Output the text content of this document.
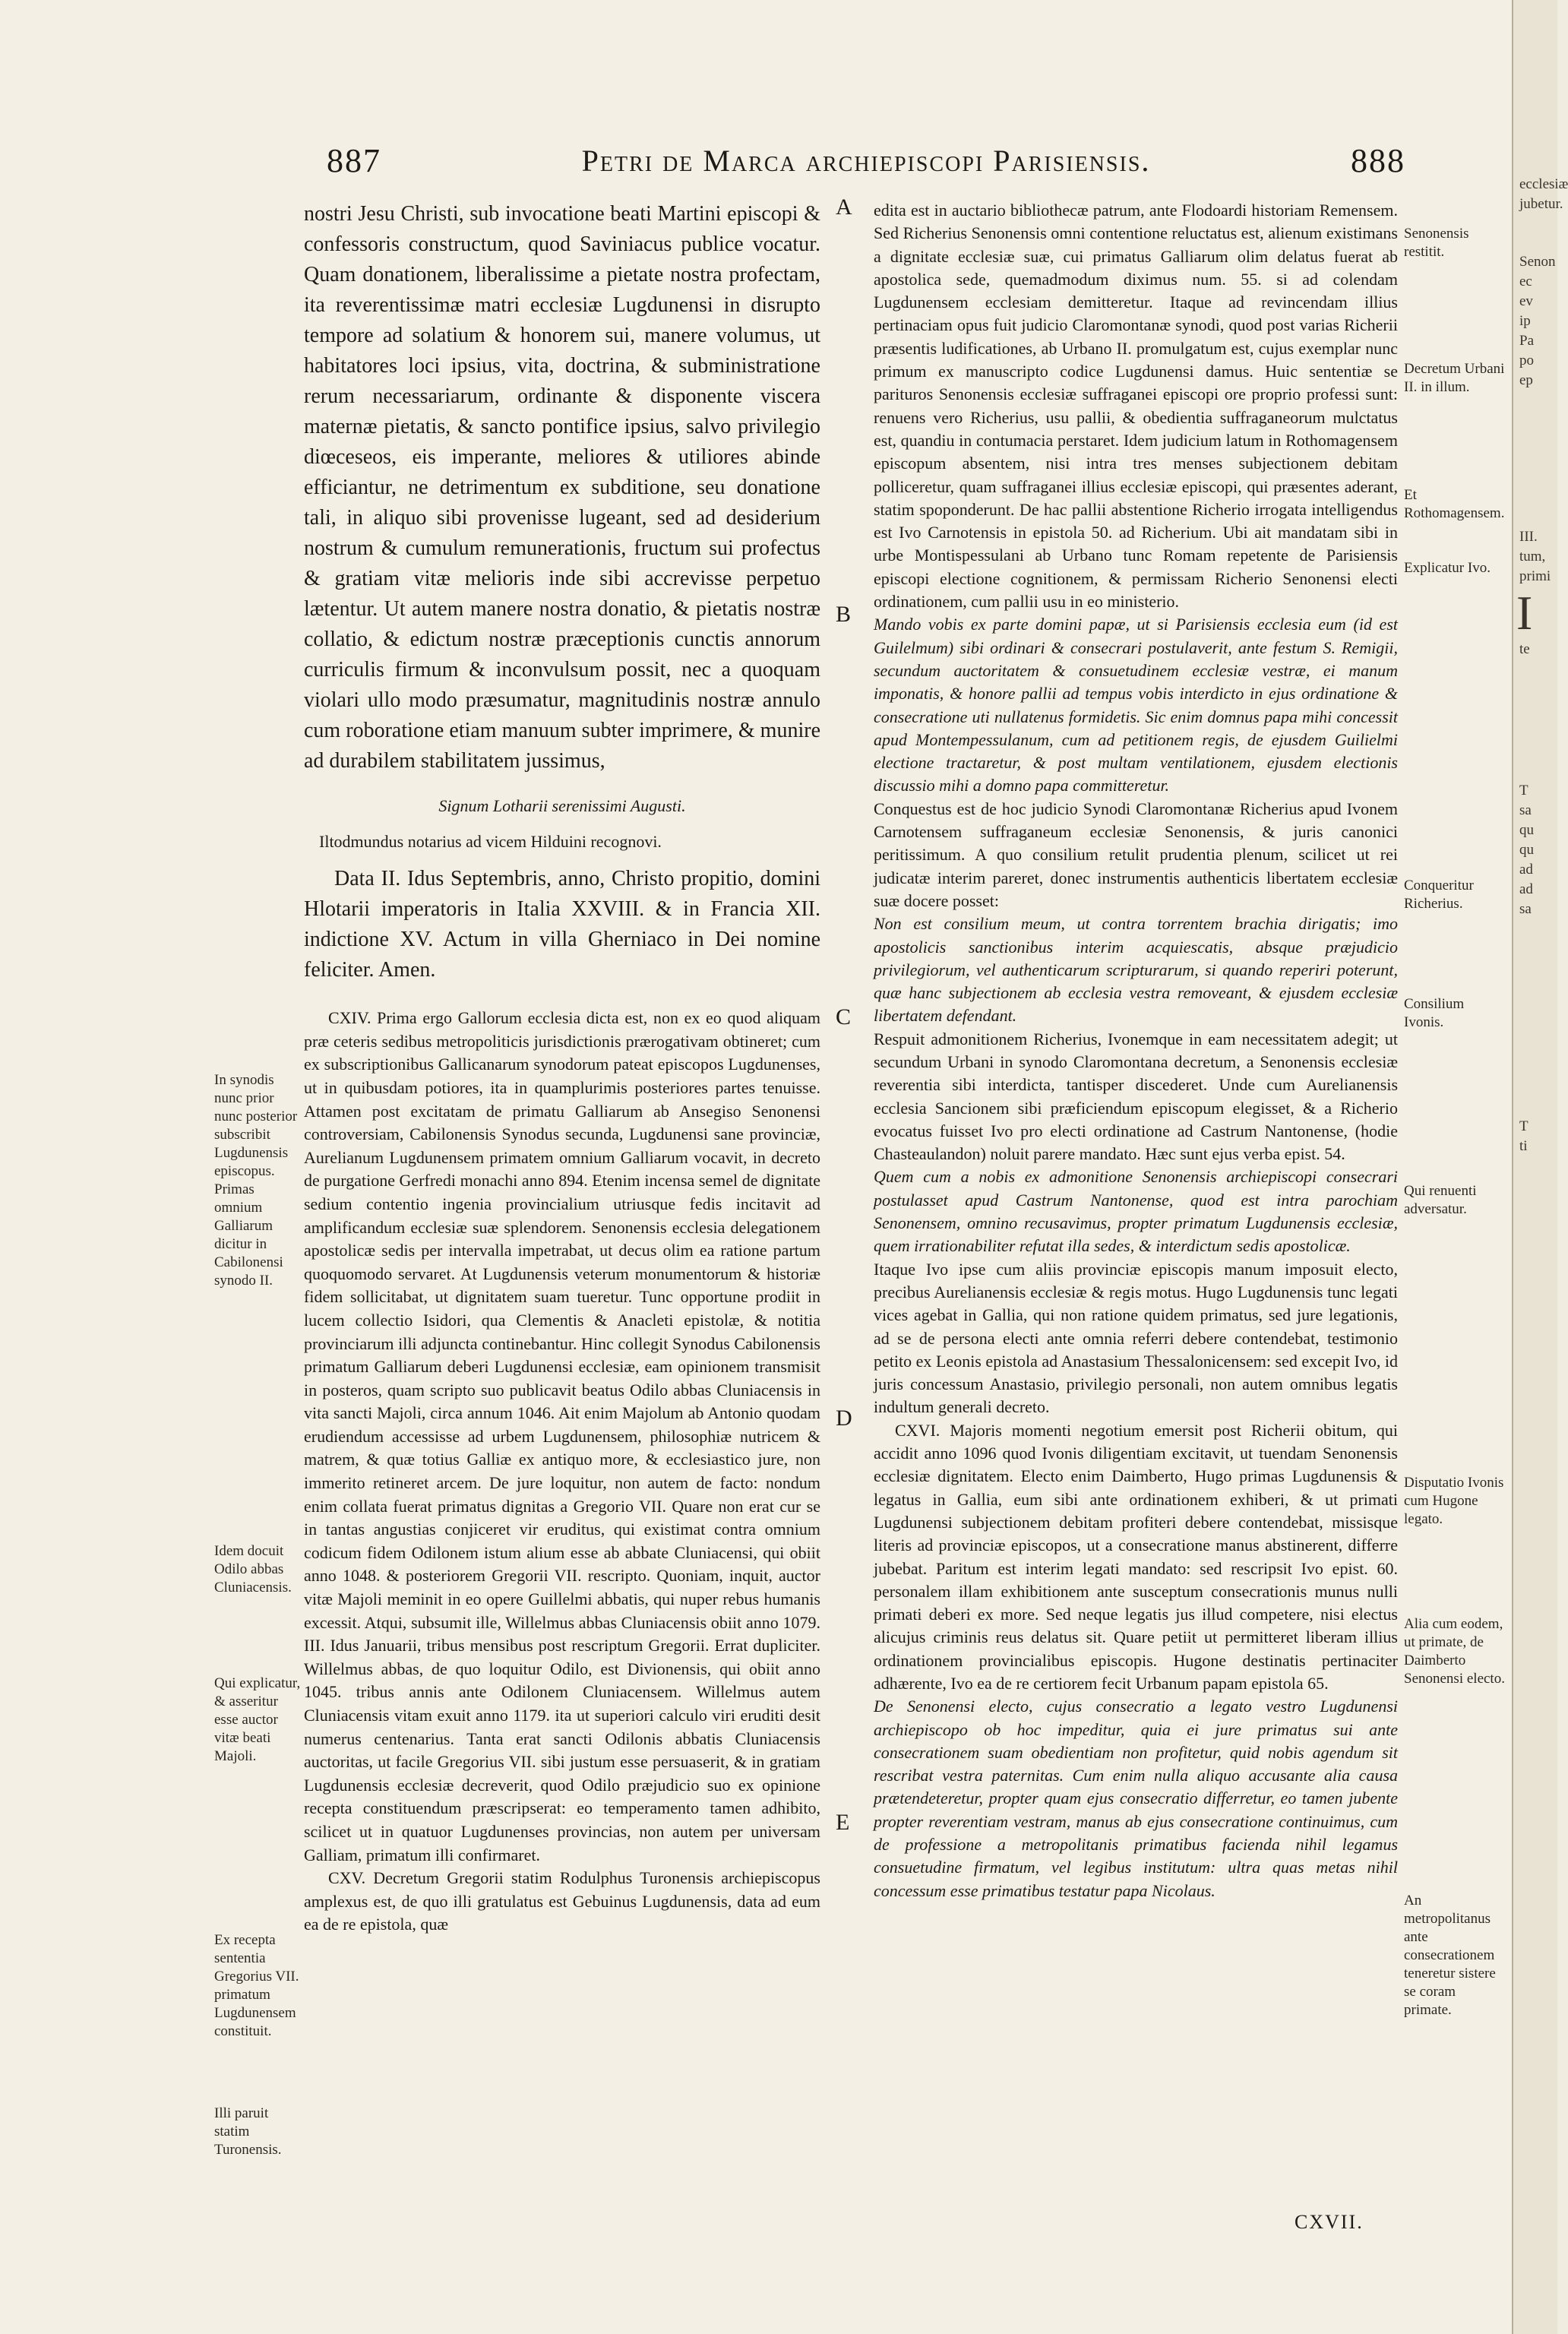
887	Petri de Marca archiepiscopi Parisiensis.	888

nostri Jesu Christi, sub invocatione beati Martini episcopi & confessoris constructum, quod Saviniacus publice vocatur. Quam donationem, liberalissime a pietate nostra profectam, ita reverentissimæ matri ecclesiæ Lugdunensi in disrupto tempore ad solatium & honorem sui, manere volumus, ut habitatores loci ipsius, vita, doctrina, & subministratione rerum necessariarum, ordinante & disponente viscera maternæ pietatis, & sancto pontifice ipsius, salvo privilegio diœceseos, eis imperante, meliores & utiliores abinde efficiantur, ne detrimentum ex subditione, seu donatione tali, in aliquo sibi provenisse lugeant, sed ad desiderium nostrum & cumulum remunerationis, fructum sui profectus & gratiam vitæ melioris inde sibi accrevisse perpetuo lætentur. Ut autem manere nostra donatio, & pietatis nostræ collatio, & edictum nostræ præceptionis cunctis annorum curriculis firmum & inconvulsum possit, nec a quoquam violari ullo modo præsumatur, magnitudinis nostræ annulo cum roboratione etiam manuum subter imprimere, & munire ad durabilem stabilitatem jussimus,

Signum Lotharii serenissimi Augusti.

Iltodmundus notarius ad vicem Hilduini recognovi.

Data II. Idus Septembris, anno, Christo propitio, domini Hlotarii imperatoris in Italia XXVIII. & in Francia XII. indictione XV. Actum in villa Gherniaco in Dei nomine feliciter. Amen.

CXIV. Prima ergo Gallorum ecclesia dicta est, non ex eo quod aliquam præ ceteris sedibus metropoliticis jurisdictionis prærogativam obtineret; cum ex subscriptionibus Gallicanarum synodorum pateat episcopos Lugdunenses, ut in quibusdam potiores, ita in quamplurimis posteriores partes tenuisse. Attamen post excitatam de primatu Galliarum ab Ansegiso Senonensi controversiam, Cabilonensis Synodus secunda, Lugdunensi sane provinciæ, Aurelianum Lugdunensem primatem omnium Galliarum vocavit, in decreto de purgatione Gerfredi monachi anno 894. Etenim incensa semel de dignitate sedium contentio ingenia provincialium utriusque fedis incitavit ad amplificandum ecclesiæ suæ splendorem. Senonensis ecclesia delegationem apostolicæ sedis per intervalla impetrabat, ut decus olim ea ratione partum quoquomodo servaret. At Lugdunensis veterum monumentorum & historiæ fidem sollicitabat, ut dignitatem suam tueretur. Tunc opportune prodiit in lucem collectio Isidori, qua Clementis & Anacleti epistolæ, & notitia provinciarum illi adjuncta continebantur. Hinc collegit Synodus Cabilonensis primatum Galliarum deberi Lugdunensi ecclesiæ, eam opinionem transmisit in posteros, quam scripto suo publicavit beatus Odilo abbas Cluniacensis in vita sancti Majoli, circa annum 1046. Ait enim Majolum ab Antonio quodam erudiendum accessisse ad urbem Lugdunensem, philosophiæ nutricem & matrem, & quæ totius Galliæ ex antiquo more, & ecclesiastico jure, non immerito retineret arcem. De jure loquitur, non autem de facto: nondum enim collata fuerat primatus dignitas a Gregorio VII. Quare non erat cur se in tantas angustias conjiceret vir eruditus, qui existimat contra omnium codicum fidem Odilonem istum alium esse ab abbate Cluniacensi, qui obiit anno 1048. & posteriorem Gregorii VII. rescripto. Quoniam, inquit, auctor vitæ Majoli meminit in eo opere Guillelmi abbatis, qui nuper rebus humanis excessit. Atqui, subsumit ille, Willelmus abbas Cluniacensis obiit anno 1079. III. Idus Januarii, tribus mensibus post rescriptum Gregorii. Errat dupliciter. Willelmus abbas, de quo loquitur Odilo, est Divionensis, qui obiit anno 1045. tribus annis ante Odilonem Cluniacensem. Willelmus autem Cluniacensis vitam exuit anno 1179. ita ut superiori calculo viri eruditi desit numerus centenarius. Tanta erat sancti Odilonis abbatis Cluniacensis auctoritas, ut facile Gregorius VII. sibi justum esse persuaserit, & in gratiam Lugdunensis ecclesiæ decreverit, quod Odilo præjudicio suo ex opinione recepta constituendum præscripserat: eo temperamento tamen adhibito, scilicet ut in quatuor Lugdunenses provincias, non autem per universam Galliam, primatum illi confirmaret.

CXV. Decretum Gregorii statim Rodulphus Turonensis archiepiscopus amplexus est, de quo illi gratulatus est Gebuinus Lugdunensis, data ad eum ea de re epistola, quæ

edita est in auctario bibliothecæ patrum, ante Flodoardi historiam Remensem. Sed Richerius Senonensis omni contentione reluctatus est, alienum existimans a dignitate ecclesiæ suæ, cui primatus Galliarum olim delatus fuerat ab apostolica sede, quemadmodum diximus num. 55. si ad colendam Lugdunensem ecclesiam demitteretur. Itaque ad revincendam illius pertinaciam opus fuit judicio Claromontanæ synodi, quod post varias Richerii præsentis ludificationes, ab Urbano II. promulgatum est, cujus exemplar nunc primum ex manuscripto codice Lugdunensi damus. Huic sententiæ se parituros Senonensis ecclesiæ suffraganei episcopi ore proprio professi sunt: renuens vero Richerius, usu pallii, & obedientia suffraganeorum mulctatus est, quandiu in contumacia perstaret. Idem judicium latum in Rothomagensem episcopum absentem, nisi intra tres menses subjectionem debitam polliceretur, quam suffraganei illius ecclesiæ episcopi, qui præsentes aderant, statim spoponderunt. De hac pallii abstentione Richerio irrogata intelligendus est Ivo Carnotensis in epistola 50. ad Richerium. Ubi ait mandatam sibi in urbe Montispessulani ab Urbano tunc Romam repetente de Parisiensis episcopi electione cognitionem, & permissam Richerio Senonensi electi ordinationem, cum pallii usu in eo ministerio.

Mando vobis ex parte domini papæ, ut si Parisiensis ecclesia eum (id est Guilelmum) sibi ordinari & consecrari postulaverit, ante festum S. Remigii, secundum auctoritatem & consuetudinem ecclesiæ vestræ, ei manum imponatis, & honore pallii ad tempus vobis interdicto in ejus ordinatione & consecratione uti nullatenus formidetis. Sic enim domnus papa mihi concessit apud Montempessulanum, cum ad petitionem regis, de ejusdem Guilielmi electione tractaretur, & post multam ventilationem, ejusdem electionis discussio mihi a domno papa committeretur.

Conquestus est de hoc judicio Synodi Claromontanæ Richerius apud Ivonem Carnotensem suffraganeum ecclesiæ Senonensis, & juris canonici peritissimum. A quo consilium retulit prudentia plenum, scilicet ut rei judicatæ interim pareret, donec instrumentis authenticis libertatem ecclesiæ suæ docere posset:

Non est consilium meum, ut contra torrentem brachia dirigatis; imo apostolicis sanctionibus interim acquiescatis, absque præjudicio privilegiorum, vel authenticarum scripturarum, si quando reperiri poterunt, quæ hanc subjectionem ab ecclesia vestra removeant, & ejusdem ecclesiæ libertatem defendant.

Respuit admonitionem Richerius, Ivonemque in eam necessitatem adegit; ut secundum Urbani in synodo Claromontana decretum, a Senonensis ecclesiæ reverentia sibi interdicta, tantisper discederet. Unde cum Aurelianensis ecclesia Sancionem sibi præficiendum episcopum elegisset, & a Richerio evocatus fuisset Ivo pro electi ordinatione ad Castrum Nantonense, (hodie Chasteaulandon) noluit parere mandato. Hæc sunt ejus verba epist. 54.

Quem cum a nobis ex admonitione Senonensis archiepiscopi consecrari postulasset apud Castrum Nantonense, quod est intra parochiam Senonensem, omnino recusavimus, propter primatum Lugdunensis ecclesiæ, quem irrationabiliter refutat illa sedes, & interdictum sedis apostolicæ.

Itaque Ivo ipse cum aliis provinciæ episcopis manum imposuit electo, precibus Aurelianensis ecclesiæ & regis motus. Hugo Lugdunensis tunc legati vices agebat in Gallia, qui non ratione quidem primatus, sed jure legationis, ad se de persona electi ante omnia referri debere contendebat, testimonio petito ex Leonis epistola ad Anastasium Thessalonicensem: sed excepit Ivo, id juris concessum Anastasio, privilegio personali, non autem omnibus legatis indultum generali decreto.

CXVI. Majoris momenti negotium emersit post Richerii obitum, qui accidit anno 1096 quod Ivonis diligentiam excitavit, ut tuendam Senonensis ecclesiæ dignitatem. Electo enim Daimberto, Hugo primas Lugdunensis & legatus in Gallia, eum sibi ante ordinationem exhiberi, & ut primati Lugdunensi subjectionem debitam profiteri debere contendebat, missisque literis ad provinciæ episcopos, ut a consecratione manus abstinerent, differre jubebat. Paritum est interim legati mandato: sed rescripsit Ivo epist. 60. personalem illam exhibitionem ante susceptum consecrationis munus nulli primati deberi ex more. Sed neque legatis jus illud competere, nisi electus alicujus criminis reus delatus sit. Quare petiit ut permitteret liberam illius ordinationem provincialibus episcopis. Hugone destinatis pertinaciter adhærente, Ivo ea de re certiorem fecit Urbanum papam epistola 65.

De Senonensi electo, cujus consecratio a legato vestro Lugdunensi archiepiscopo ob hoc impeditur, quia ei jure primatus sui ante consecrationem suam obedientiam non profitetur, quid nobis agendum sit rescribat vestra paternitas. Cum enim nulla aliquo accusante alia causa prætendeteretur, propter quam ejus consecratio differretur, eo tamen jubente propter reverentiam vestram, manus ab ejus consecratione continuimus, cum de professione a metropolitanis primatibus facienda nihil legamus consuetudine firmatum, vel legibus institutum: ultra quas metas nihil concessum esse primatibus testatur papa Nicolaus.

A
B
C
D
E
In synodis nunc prior nunc posterior subscribit Lugdunensis episcopus. Primas omnium Galliarum dicitur in Cabilonensi synodo II.
Idem docuit Odilo abbas Cluniacensis.
Qui explicatur, & asseritur esse auctor vitæ beati Majoli.
Ex recepta sententia Gregorius VII. primatum Lugdunensem constituit.
Illi paruit statim Turonensis.
Senonensis restitit.
Decretum Urbani II. in illum.
Et Rothomagensem.
Explicatur Ivo.
Conqueritur Richerius.
Consilium Ivonis.
Qui renuenti adversatur.
Disputatio Ivonis cum Hugone legato.
Alia cum eodem, ut primate, de Daimberto Senonensi electo.
An metropolitanus ante consecrationem teneretur sistere se coram primate.
CXVII.
ecclesiæ
jubetur.
Senon
ec
ev
ip
Pa
po
ep
III.
tum,
primi
I
te
T
sa
qu
qu
ad
ad
sa
T
ti
